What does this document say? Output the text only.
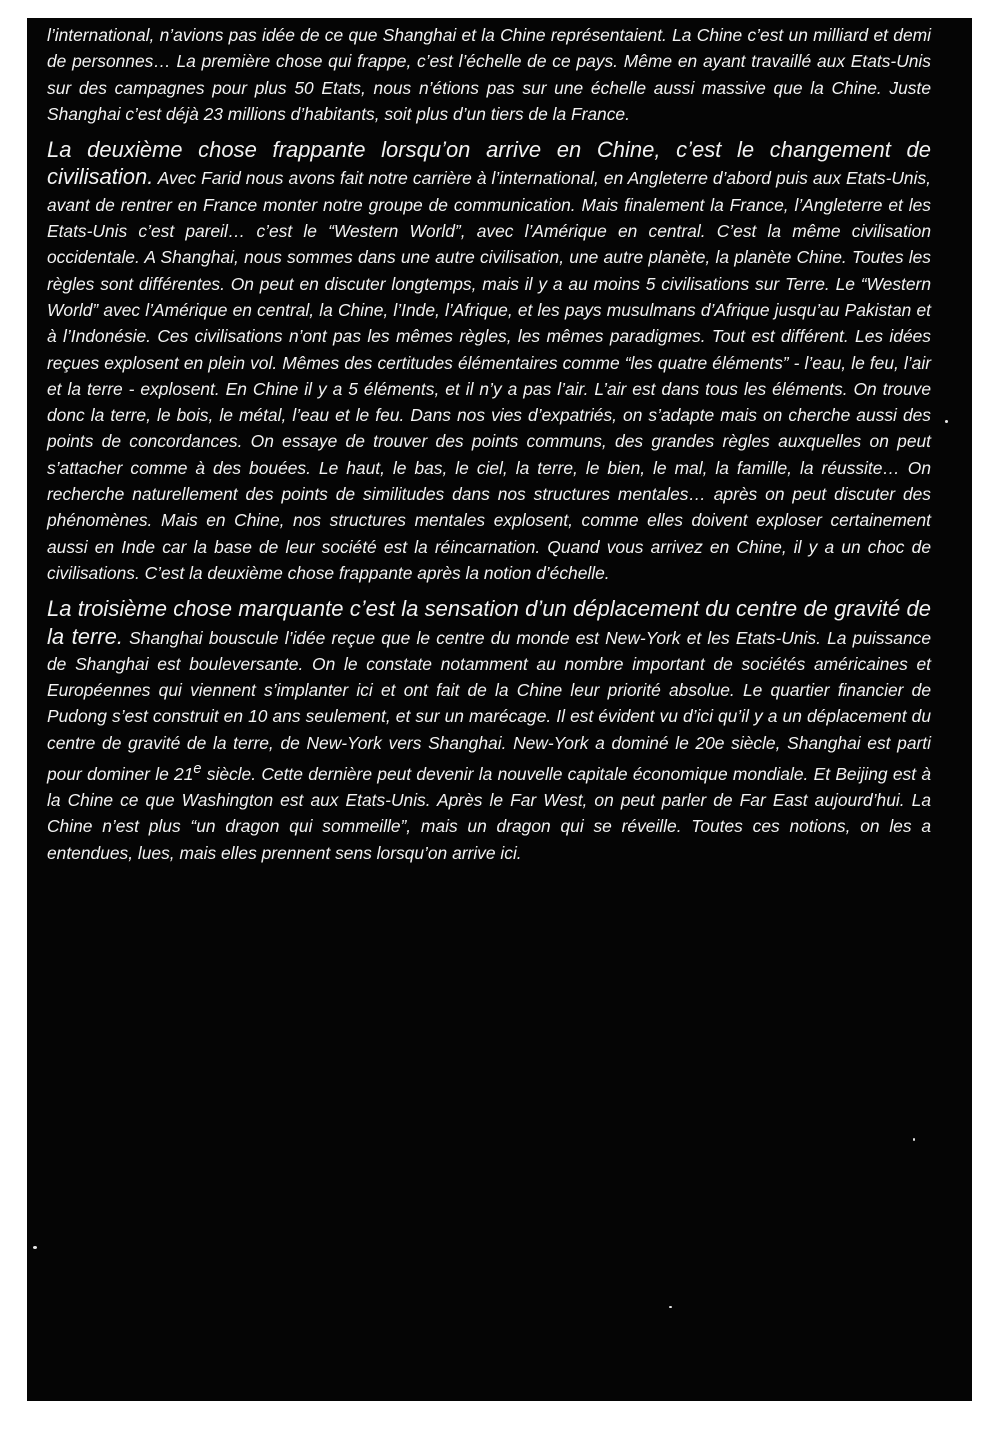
l’international, n’avions pas idée de ce que Shanghai et la Chine représentaient. La Chine c’est un milliard et demi de personnes… La première chose qui frappe, c’est l’échelle de ce pays. Même en ayant travaillé aux Etats-Unis sur des campagnes pour plus 50 Etats, nous n’étions pas sur une échelle aussi massive que la Chine. Juste Shanghai c’est déjà 23 millions d’habitants, soit plus d’un tiers de la France.

La deuxième chose frappante lorsqu’on arrive en Chine, c’est le changement de civilisation. Avec Farid nous avons fait notre carrière à l’international, en Angleterre d’abord puis aux Etats-Unis, avant de rentrer en France monter notre groupe de communication. Mais finalement la France, l’Angleterre et les Etats-Unis c’est pareil… c’est le “Western World”, avec l’Amérique en central. C’est la même civilisation occidentale. A Shanghai, nous sommes dans une autre civilisation, une autre planète, la planète Chine. Toutes les règles sont différentes. On peut en discuter longtemps, mais il y a au moins 5 civilisations sur Terre. Le “Western World” avec l’Amérique en central, la Chine, l’Inde, l’Afrique, et les pays musulmans d’Afrique jusqu’au Pakistan et à l’Indonésie. Ces civilisations n’ont pas les mêmes règles, les mêmes paradigmes. Tout est différent. Les idées reçues explosent en plein vol. Mêmes des certitudes élémentaires comme “les quatre éléments” - l’eau, le feu, l’air et la terre - explosent. En Chine il y a 5 éléments, et il n’y a pas l’air. L’air est dans tous les éléments. On trouve donc la terre, le bois, le métal, l’eau et le feu. Dans nos vies d’expatriés, on s’adapte mais on cherche aussi des points de concordances. On essaye de trouver des points communs, des grandes règles auxquelles on peut s’attacher comme à des bouées. Le haut, le bas, le ciel, la terre, le bien, le mal, la famille, la réussite… On recherche naturellement des points de similitudes dans nos structures mentales… après on peut discuter des phénomènes. Mais en Chine, nos structures mentales explosent, comme elles doivent exploser certainement aussi en Inde car la base de leur société est la réincarnation. Quand vous arrivez en Chine, il y a un choc de civilisations. C’est la deuxième chose frappante après la notion d’échelle.

La troisième chose marquante c’est la sensation d’un déplacement du centre de gravité de la terre. Shanghai bouscule l’idée reçue que le centre du monde est New-York et les Etats-Unis. La puissance de Shanghai est bouleversante. On le constate notamment au nombre important de sociétés américaines et Européennes qui viennent s’implanter ici et ont fait de la Chine leur priorité absolue. Le quartier financier de Pudong s’est construit en 10 ans seulement, et sur un marécage. Il est évident vu d’ici qu’il y a un déplacement du centre de gravité de la terre, de New-York vers Shanghai. New-York a dominé le 20e siècle, Shanghai est parti pour dominer le 21e siècle. Cette dernière peut devenir la nouvelle capitale économique mondiale. Et Beijing est à la Chine ce que Washington est aux Etats-Unis. Après le Far West, on peut parler de Far East aujourd’hui. La Chine n’est plus “un dragon qui sommeille”, mais un dragon qui se réveille. Toutes ces notions, on les a entendues, lues, mais elles prennent sens lorsqu’on arrive ici.
